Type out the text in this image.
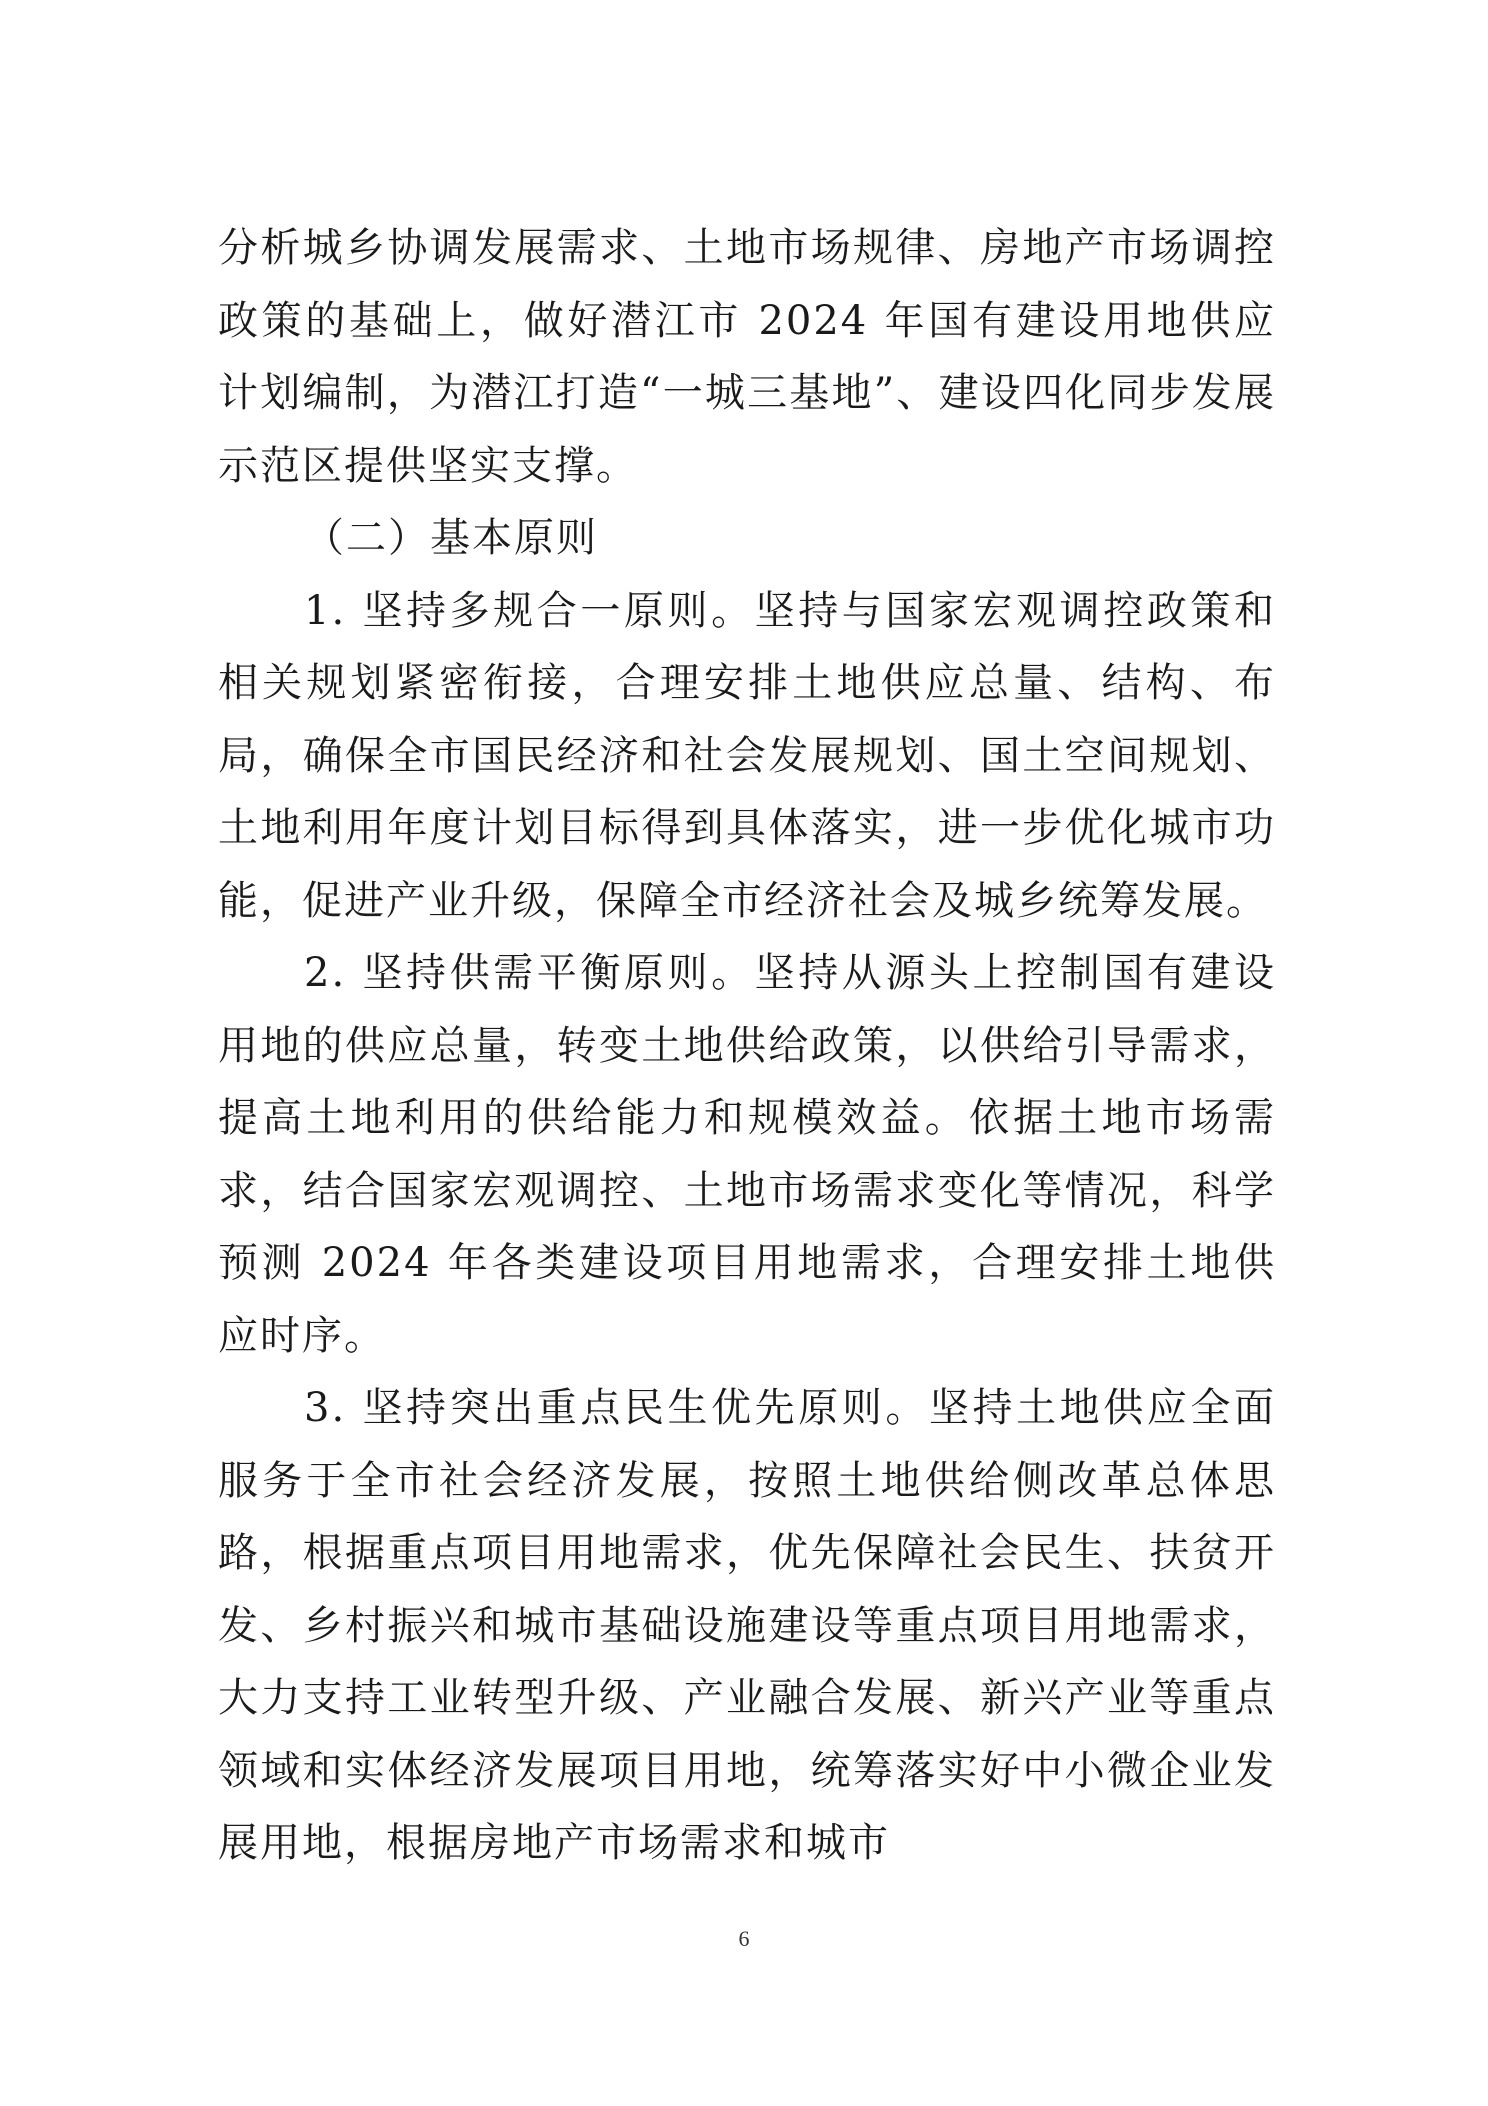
分析城乡协调发展需求、土地市场规律、房地产市场调控政策的基础上，做好潜江市 2024 年国有建设用地供应计划编制，为潜江打造“一城三基地”、建设四化同步发展示范区提供坚实支撑。

（二）基本原则

1. 坚持多规合一原则。坚持与国家宏观调控政策和相关规划紧密衔接，合理安排土地供应总量、结构、布局，确保全市国民经济和社会发展规划、国土空间规划、土地利用年度计划目标得到具体落实，进一步优化城市功能，促进产业升级，保障全市经济社会及城乡统筹发展。

2. 坚持供需平衡原则。坚持从源头上控制国有建设用地的供应总量，转变土地供给政策，以供给引导需求，提高土地利用的供给能力和规模效益。依据土地市场需求，结合国家宏观调控、土地市场需求变化等情况，科学预测 2024 年各类建设项目用地需求，合理安排土地供应时序。

3. 坚持突出重点民生优先原则。坚持土地供应全面服务于全市社会经济发展，按照土地供给侧改革总体思路，根据重点项目用地需求，优先保障社会民生、扶贫开发、乡村振兴和城市基础设施建设等重点项目用地需求，大力支持工业转型升级、产业融合发展、新兴产业等重点领域和实体经济发展项目用地，统筹落实好中小微企业发展用地，根据房地产市场需求和城市

6
